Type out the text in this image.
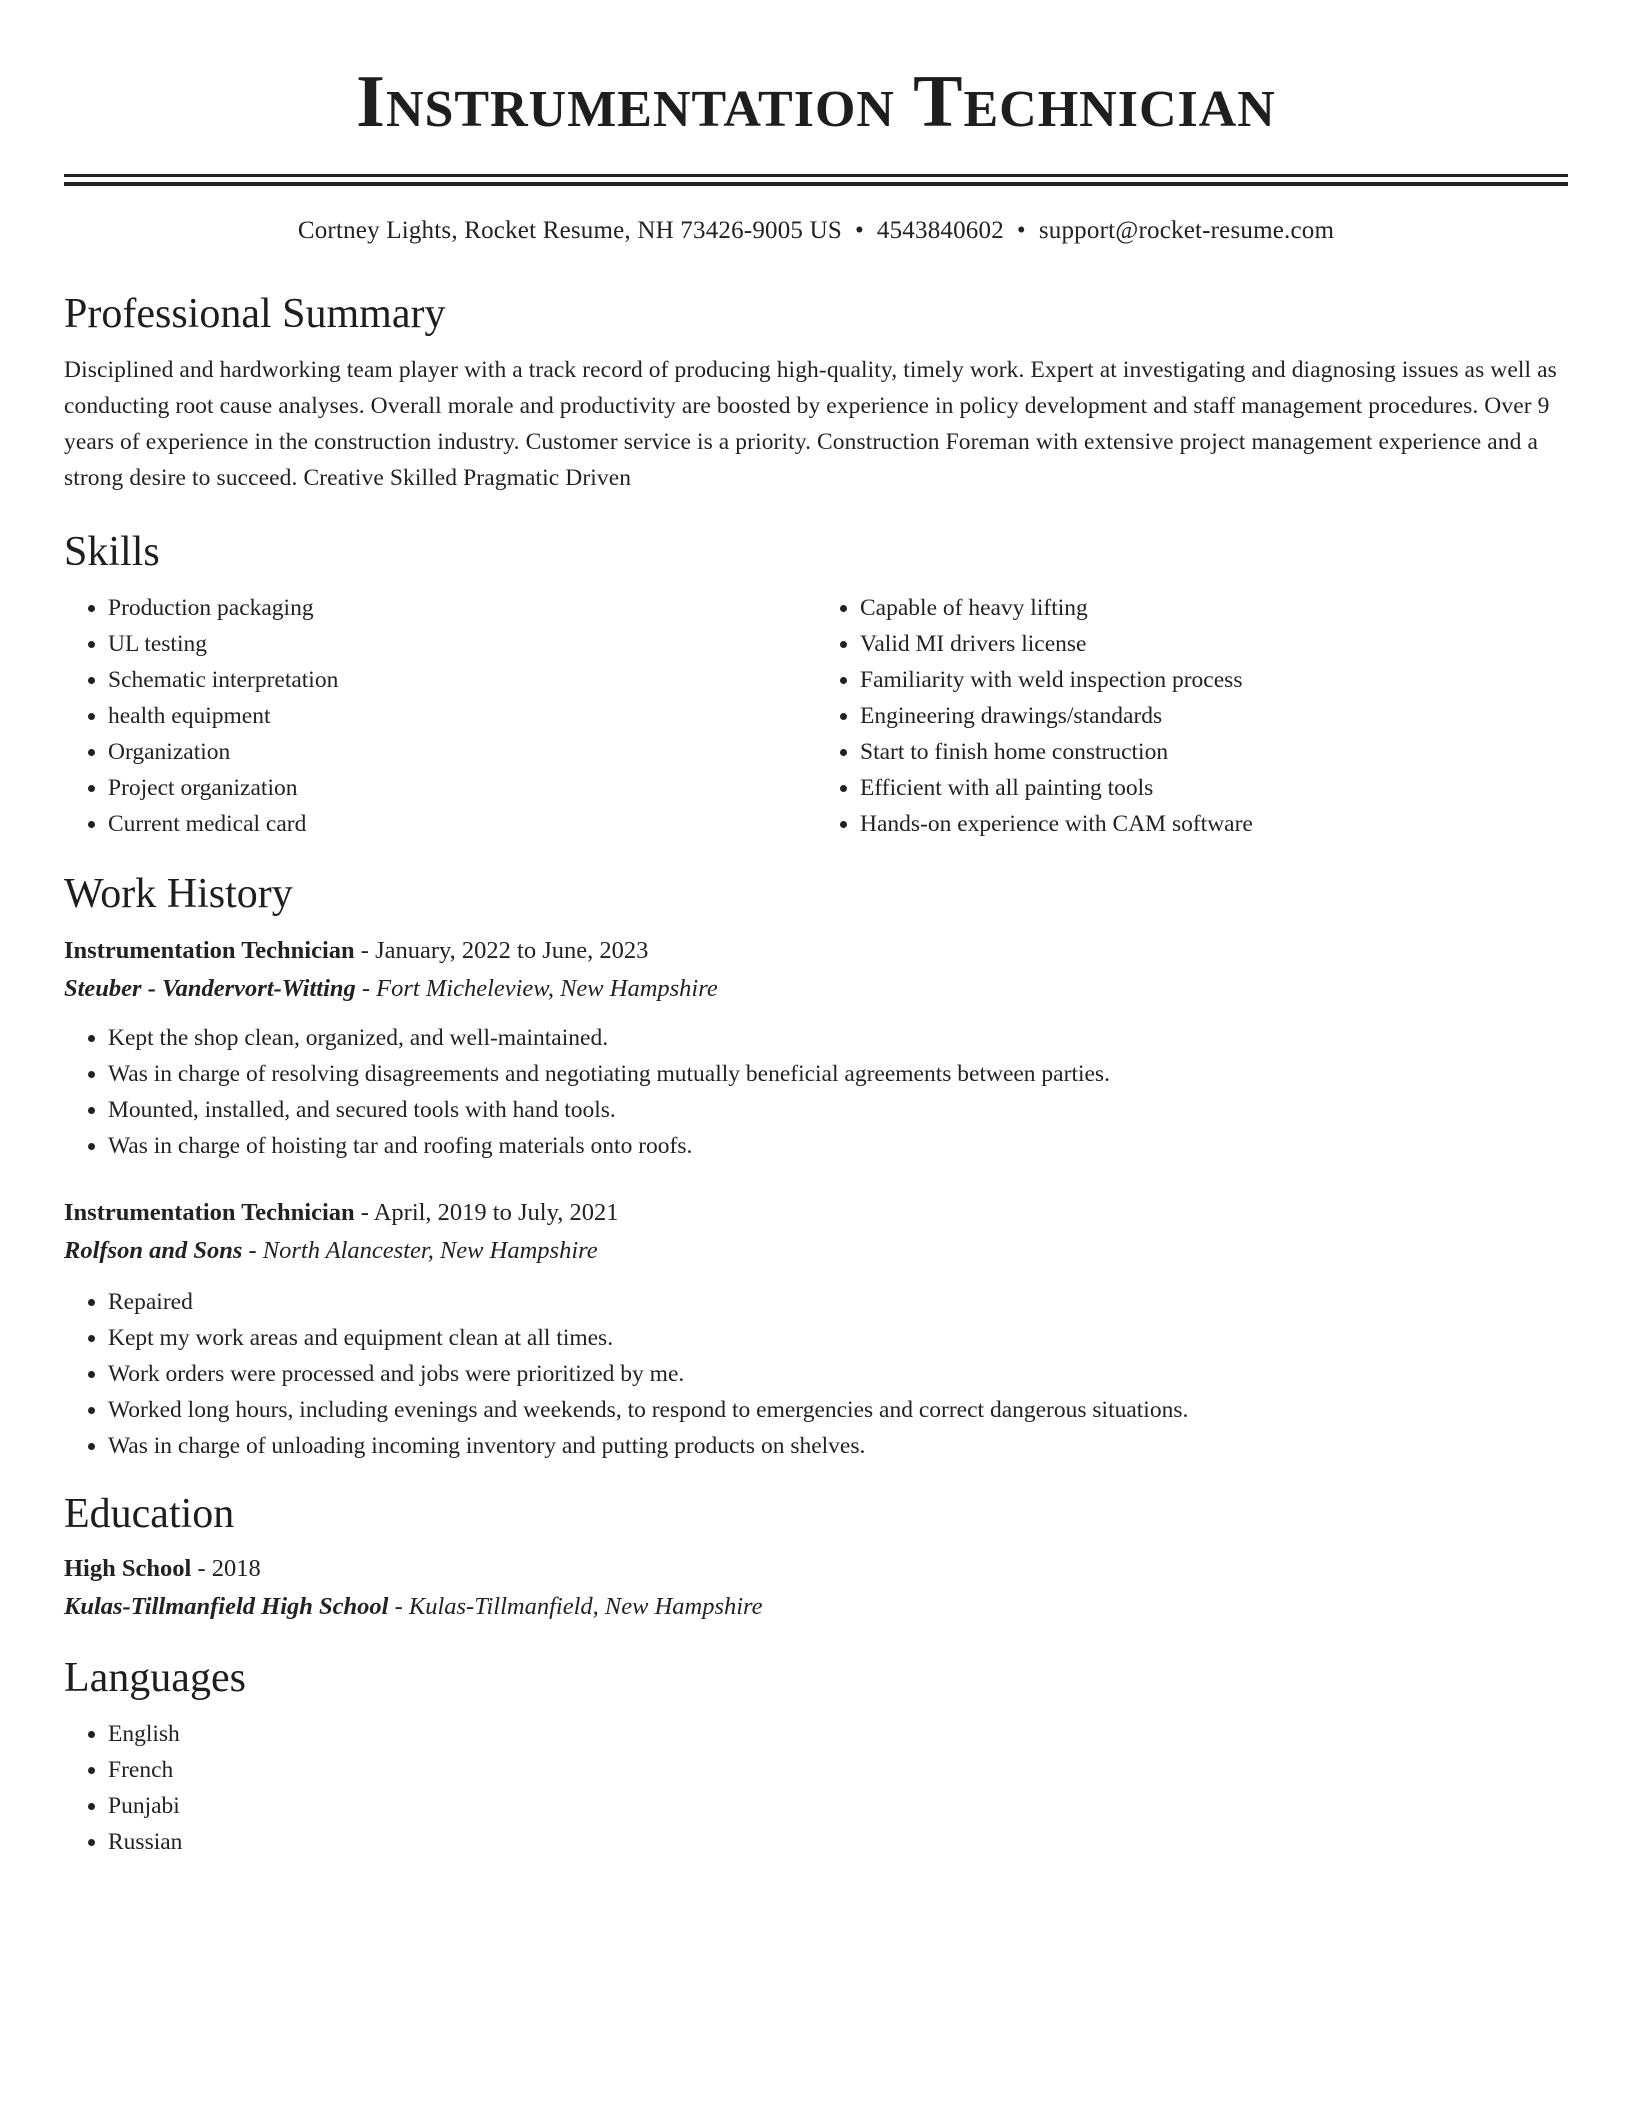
Instrumentation Technician
Cortney Lights, Rocket Resume, NH 73426-9005 US • 4543840602 • support@rocket-resume.com
Professional Summary

Disciplined and hardworking team player with a track record of producing high-quality, timely work. Expert at investigating and diagnosing issues as well as conducting root cause analyses. Overall morale and productivity are boosted by experience in policy development and staff management procedures. Over 9 years of experience in the construction industry. Customer service is a priority. Construction Foreman with extensive project management experience and a strong desire to succeed. Creative Skilled Pragmatic Driven

Skills
• Production packaging
• UL testing
• Schematic interpretation
• health equipment
• Organization
• Project organization
• Current medical card
• Capable of heavy lifting
• Valid MI drivers license
• Familiarity with weld inspection process
• Engineering drawings/standards
• Start to finish home construction
• Efficient with all painting tools
• Hands-on experience with CAM software
Work History
Instrumentation Technician - January, 2022 to June, 2023
Steuber - Vandervort-Witting - Fort Micheleview, New Hampshire
• Kept the shop clean, organized, and well-maintained.
• Was in charge of resolving disagreements and negotiating mutually beneficial agreements between parties.
• Mounted, installed, and secured tools with hand tools.
• Was in charge of hoisting tar and roofing materials onto roofs.
Instrumentation Technician - April, 2019 to July, 2021
Rolfson and Sons - North Alancester, New Hampshire
• Repaired
• Kept my work areas and equipment clean at all times.
• Work orders were processed and jobs were prioritized by me.
• Worked long hours, including evenings and weekends, to respond to emergencies and correct dangerous situations.
• Was in charge of unloading incoming inventory and putting products on shelves.
Education
High School - 2018
Kulas-Tillmanfield High School - Kulas-Tillmanfield, New Hampshire
Languages
• English
• French
• Punjabi
• Russian
